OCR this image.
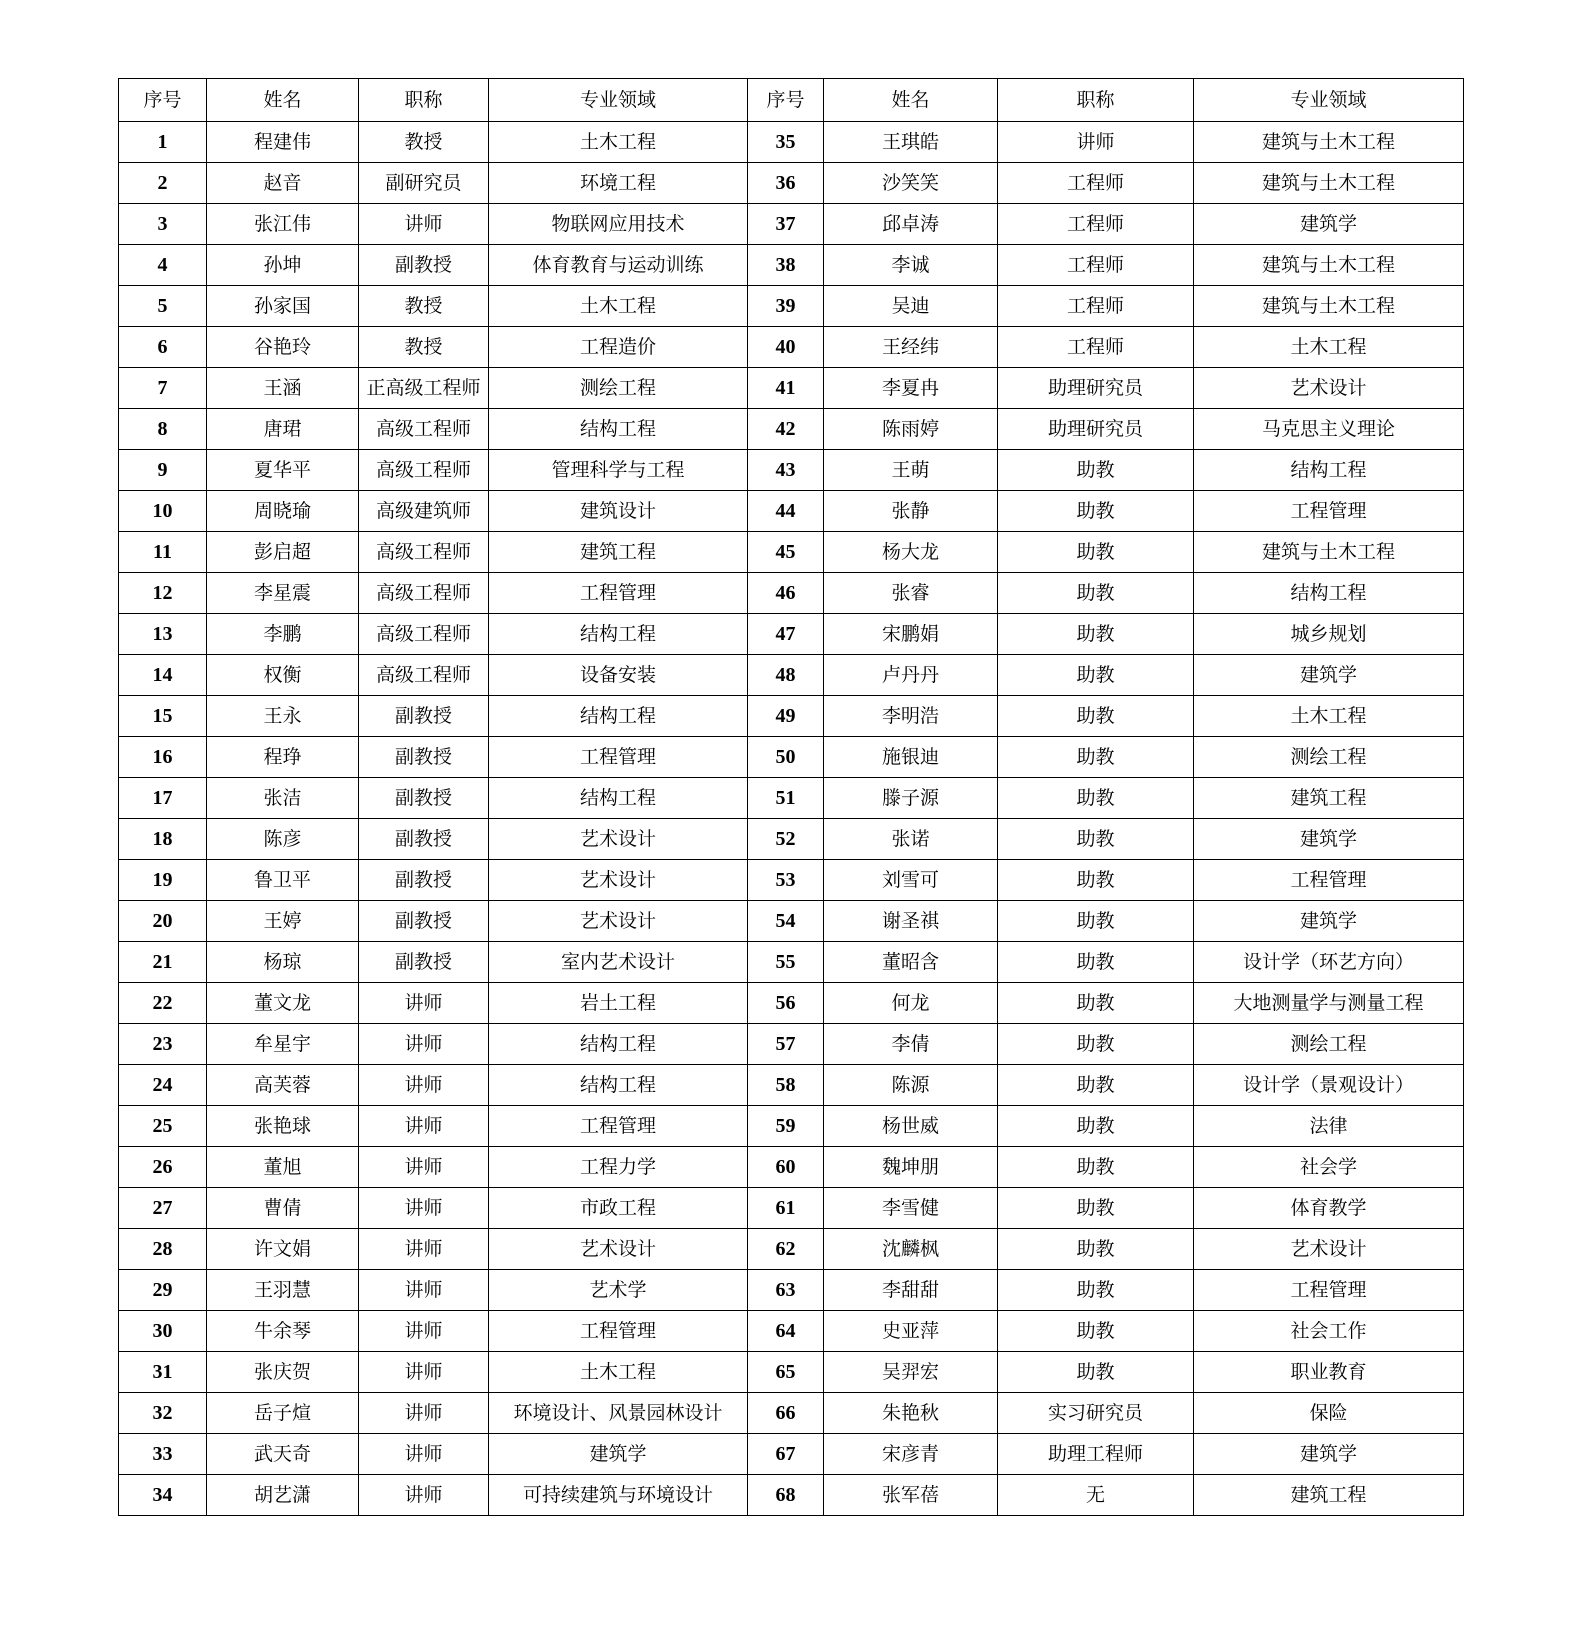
序号	姓名	职称	专业领域	序号	姓名	职称	专业领域
1	程建伟	教授	土木工程	35	王琪皓	讲师	建筑与土木工程
2	赵音	副研究员	环境工程	36	沙笑笑	工程师	建筑与土木工程
3	张江伟	讲师	物联网应用技术	37	邱卓涛	工程师	建筑学
4	孙坤	副教授	体育教育与运动训练	38	李诚	工程师	建筑与土木工程
5	孙家国	教授	土木工程	39	吴迪	工程师	建筑与土木工程
6	谷艳玲	教授	工程造价	40	王经纬	工程师	土木工程
7	王涵	正高级工程师	测绘工程	41	李夏冉	助理研究员	艺术设计
8	唐珺	高级工程师	结构工程	42	陈雨婷	助理研究员	马克思主义理论
9	夏华平	高级工程师	管理科学与工程	43	王萌	助教	结构工程
10	周晓瑜	高级建筑师	建筑设计	44	张静	助教	工程管理
11	彭启超	高级工程师	建筑工程	45	杨大龙	助教	建筑与土木工程
12	李星震	高级工程师	工程管理	46	张睿	助教	结构工程
13	李鹏	高级工程师	结构工程	47	宋鹏娟	助教	城乡规划
14	权衡	高级工程师	设备安装	48	卢丹丹	助教	建筑学
15	王永	副教授	结构工程	49	李明浩	助教	土木工程
16	程琤	副教授	工程管理	50	施银迪	助教	测绘工程
17	张洁	副教授	结构工程	51	滕子源	助教	建筑工程
18	陈彦	副教授	艺术设计	52	张诺	助教	建筑学
19	鲁卫平	副教授	艺术设计	53	刘雪可	助教	工程管理
20	王婷	副教授	艺术设计	54	谢圣祺	助教	建筑学
21	杨琼	副教授	室内艺术设计	55	董昭含	助教	设计学（环艺方向）
22	董文龙	讲师	岩土工程	56	何龙	助教	大地测量学与测量工程
23	牟星宇	讲师	结构工程	57	李倩	助教	测绘工程
24	高芙蓉	讲师	结构工程	58	陈源	助教	设计学（景观设计）
25	张艳球	讲师	工程管理	59	杨世威	助教	法律
26	董旭	讲师	工程力学	60	魏坤朋	助教	社会学
27	曹倩	讲师	市政工程	61	李雪健	助教	体育教学
28	许文娟	讲师	艺术设计	62	沈麟枫	助教	艺术设计
29	王羽慧	讲师	艺术学	63	李甜甜	助教	工程管理
30	牛余琴	讲师	工程管理	64	史亚萍	助教	社会工作
31	张庆贺	讲师	土木工程	65	吴羿宏	助教	职业教育
32	岳子煊	讲师	环境设计、风景园林设计	66	朱艳秋	实习研究员	保险
33	武天奇	讲师	建筑学	67	宋彦青	助理工程师	建筑学
34	胡艺潇	讲师	可持续建筑与环境设计	68	张军蓓	无	建筑工程
